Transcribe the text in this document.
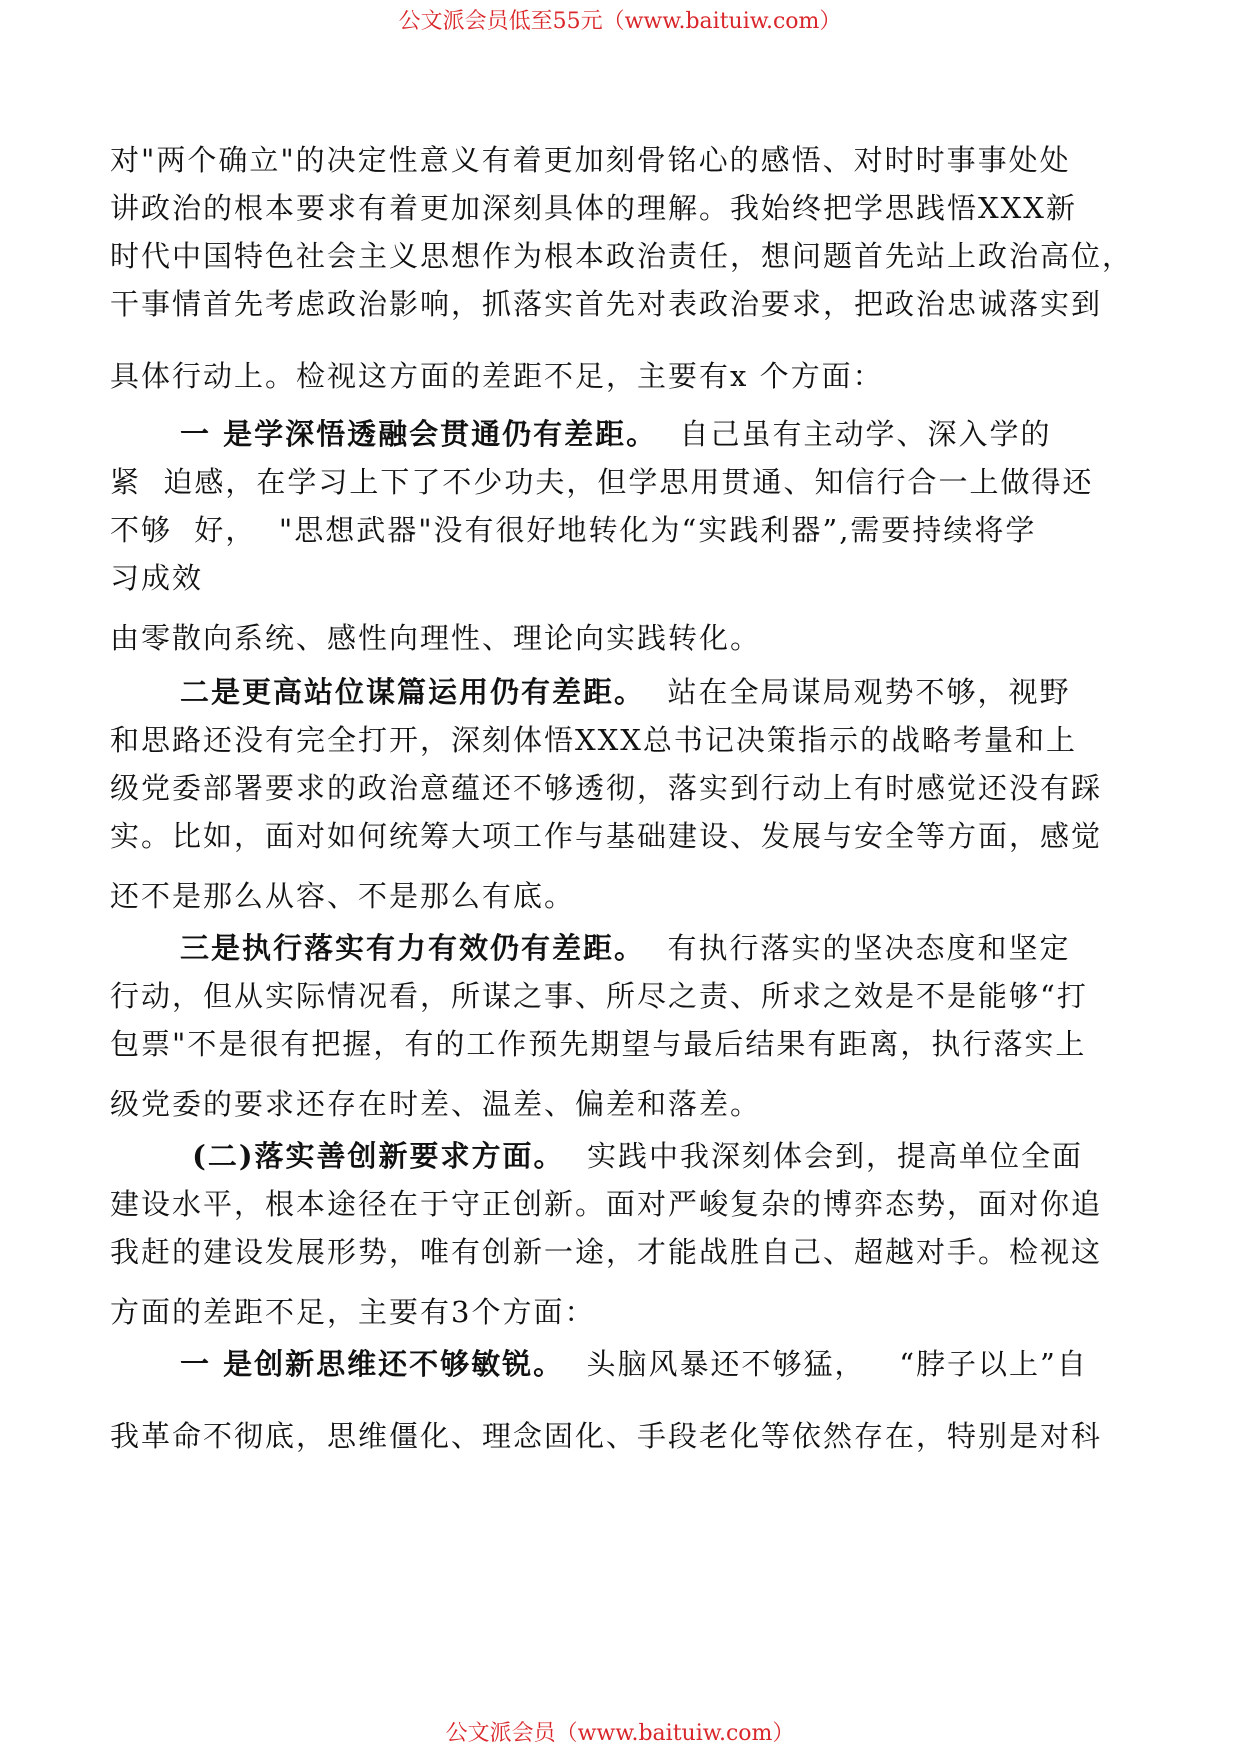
公文派会员低至55元（www.baituiw.com）
对"两个确立"的决定性意义有着更加刻骨铭心的感悟、对时时事事处处
讲政治的根本要求有着更加深刻具体的理解。我始终把学思践悟XXX新
时代中国特色社会主义思想作为根本政治责任，想问题首先站上政治高位，
干事情首先考虑政治影响，抓落实首先对表政治要求，把政治忠诚落实到
具体行动上。检视这方面的差距不足，主要有x 个方面：
一 是学深悟透融会贯通仍有差距。  自己虽有主动学、深入学的
紧  迫感，在学习上下了不少功夫，但学思用贯通、知信行合一上做得还
不够  好，  "思想武器"没有很好地转化为“实践利器”,需要持续将学
习成效
由零散向系统、感性向理性、理论向实践转化。
二是更高站位谋篇运用仍有差距。  站在全局谋局观势不够，视野
和思路还没有完全打开，深刻体悟XXX总书记决策指示的战略考量和上
级党委部署要求的政治意蕴还不够透彻，落实到行动上有时感觉还没有踩
实。比如，面对如何统筹大项工作与基础建设、发展与安全等方面，感觉
还不是那么从容、不是那么有底。
三是执行落实有力有效仍有差距。  有执行落实的坚决态度和坚定
行动，但从实际情况看，所谋之事、所尽之责、所求之效是不是能够“打
包票"不是很有把握，有的工作预先期望与最后结果有距离，执行落实上
级党委的要求还存在时差、温差、偏差和落差。
(二)落实善创新要求方面。  实践中我深刻体会到，提高单位全面
建设水平，根本途径在于守正创新。面对严峻复杂的博弈态势，面对你追
我赶的建设发展形势，唯有创新一途，才能战胜自己、超越对手。检视这
方面的差距不足，主要有3个方面：
一 是创新思维还不够敏锐。  头脑风暴还不够猛，   “脖子以上”自
我革命不彻底，思维僵化、理念固化、手段老化等依然存在，特别是对科
公文派会员（www.baituiw.com）
